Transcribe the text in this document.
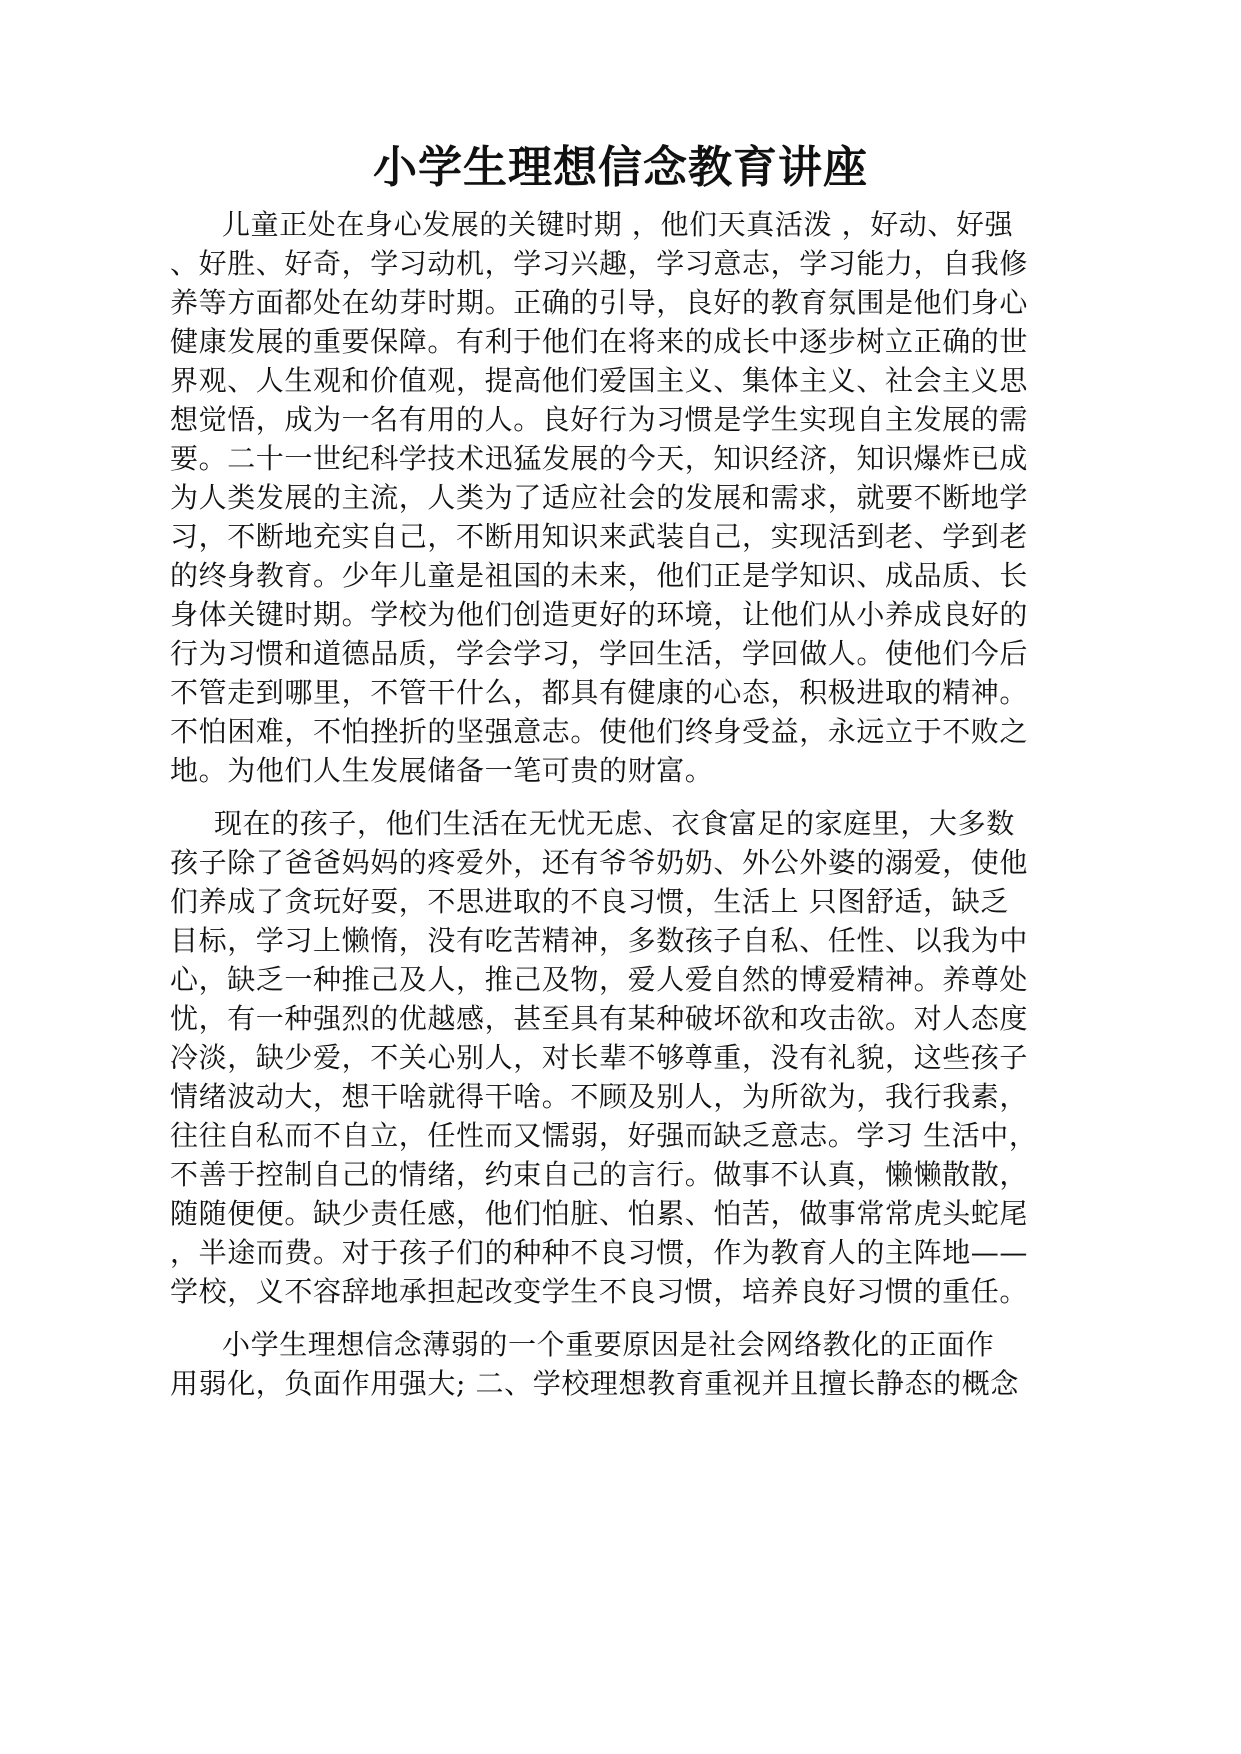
小学生理想信念教育讲座
儿童正处在身心发展的关键时期 ，他们天真活泼 ，好动、好强
、好胜、好奇，学习动机，学习兴趣，学习意志，学习能力，自我修
养等方面都处在幼芽时期。正确的引导，良好的教育氛围是他们身心
健康发展的重要保障。有利于他们在将来的成长中逐步树立正确的世
界观、人生观和价值观，提高他们爱国主义、集体主义、社会主义思
想觉悟，成为一名有用的人。良好行为习惯是学生实现自主发展的需
要。二十一世纪科学技术迅猛发展的今天，知识经济，知识爆炸已成
为人类发展的主流，人类为了适应社会的发展和需求，就要不断地学
习，不断地充实自己，不断用知识来武装自己，实现活到老、学到老
的终身教育。少年儿童是祖国的未来，他们正是学知识、成品质、长
身体关键时期。学校为他们创造更好的环境，让他们从小养成良好的
行为习惯和道德品质，学会学习，学回生活，学回做人。使他们今后
不管走到哪里，不管干什么，都具有健康的心态，积极进取的精神。
不怕困难，不怕挫折的坚强意志。使他们终身受益，永远立于不败之
地。为他们人生发展储备一笔可贵的财富。
现在的孩子，他们生活在无忧无虑、衣食富足的家庭里，大多数
孩子除了爸爸妈妈的疼爱外，还有爷爷奶奶、外公外婆的溺爱，使他
们养成了贪玩好耍，不思进取的不良习惯，生活上 只图舒适，缺乏
目标，学习上懒惰，没有吃苦精神，多数孩子自私、任性、以我为中
心，缺乏一种推己及人，推己及物，爱人爱自然的博爱精神。养尊处
忧，有一种强烈的优越感，甚至具有某种破坏欲和攻击欲。对人态度
冷淡，缺少爱，不关心别人，对长辈不够尊重，没有礼貌，这些孩子
情绪波动大，想干啥就得干啥。不顾及别人，为所欲为，我行我素，
往往自私而不自立，任性而又懦弱，好强而缺乏意志。学习 生活中，
不善于控制自己的情绪，约束自己的言行。做事不认真，懒懒散散，
随随便便。缺少责任感，他们怕脏、怕累、怕苦，做事常常虎头蛇尾
，半途而费。对于孩子们的种种不良习惯，作为教育人的主阵地——
学校，义不容辞地承担起改变学生不良习惯，培养良好习惯的重任。
小学生理想信念薄弱的一个重要原因是社会网络教化的正面作
用弱化，负面作用强大; 二、学校理想教育重视并且擅长静态的概念
